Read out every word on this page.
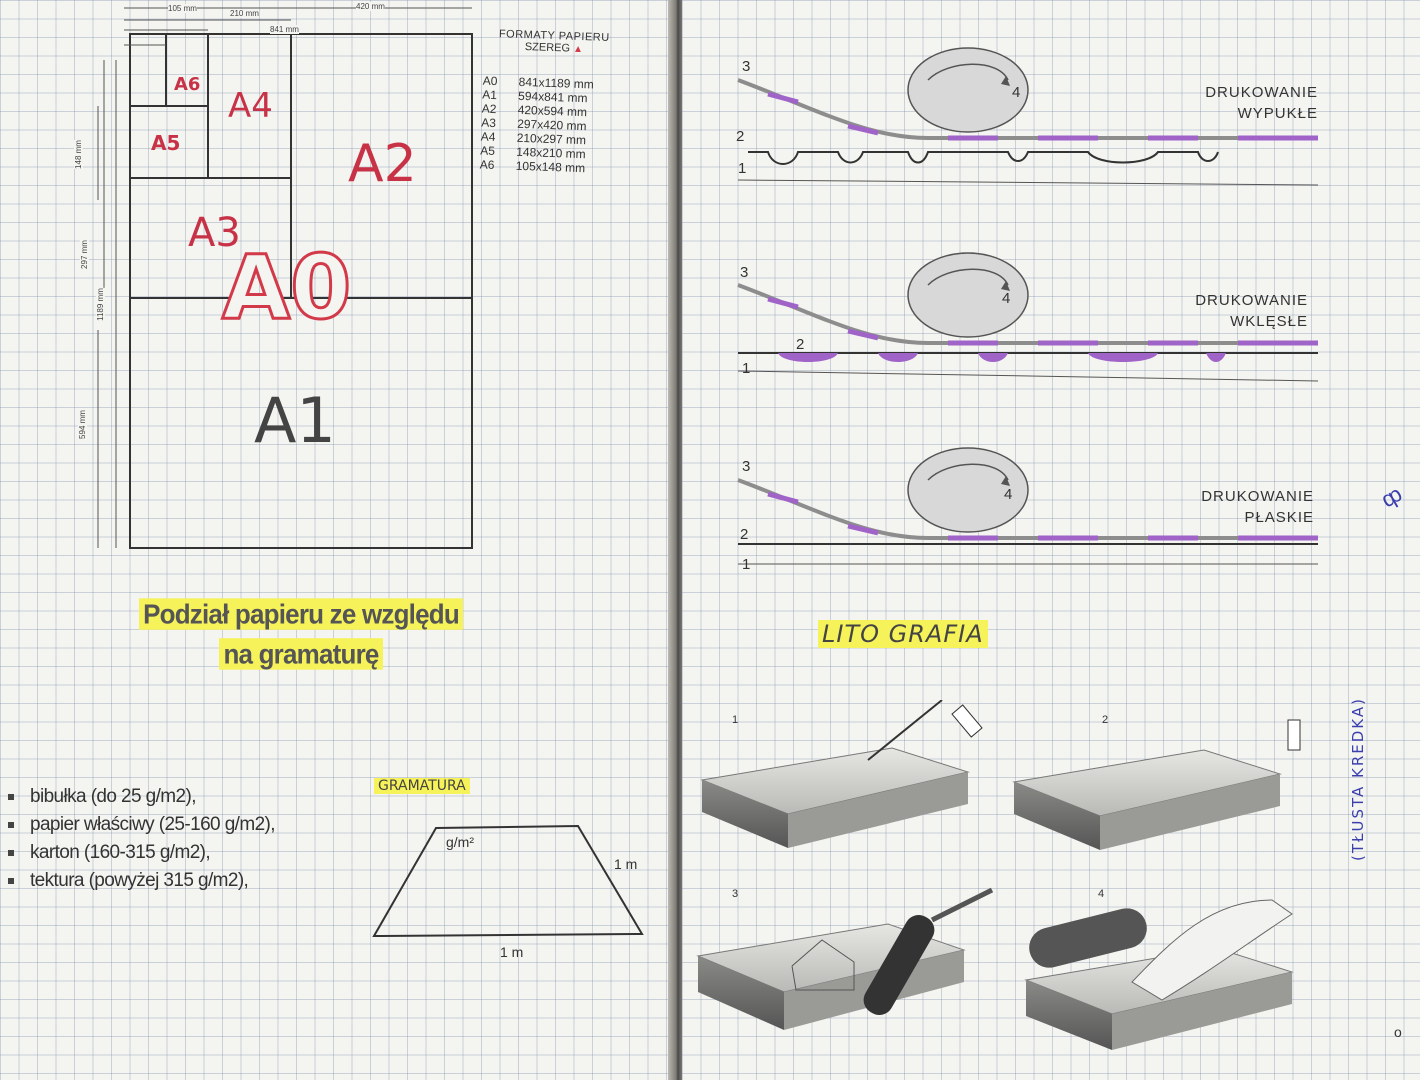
105 mm
210 mm
420 mm
841 mm
148 mm
297 mm
1189 mm
594 mm
A6
A5
A4
A3
A2
A0
A1
FORMATY PAPIERU
SZEREG ▲
A0	841x1189 mm
A1	594x841 mm
A2	420x594 mm
A3	297x420 mm
A4	210x297 mm
A5	148x210 mm
A6	105x148 mm
Podział papieru ze względu
na gramaturę
bibułka (do 25 g/m2),
papier właściwy (25-160 g/m2),
karton (160-315 g/m2),
tektura (powyżej 315 g/m2),
GRAMATURA
g/m²
1 m
1 m
DRUKOWANIE
WYPUKŁE
DRUKOWANIE
WKLĘSŁE
DRUKOWANIE
PŁASKIE
3
2
1
4
3
2
1
4
3
2
1
4
LITO GRAFIA
(TŁUSTA KREDKA)
ȹ
o
1	2
3	4
